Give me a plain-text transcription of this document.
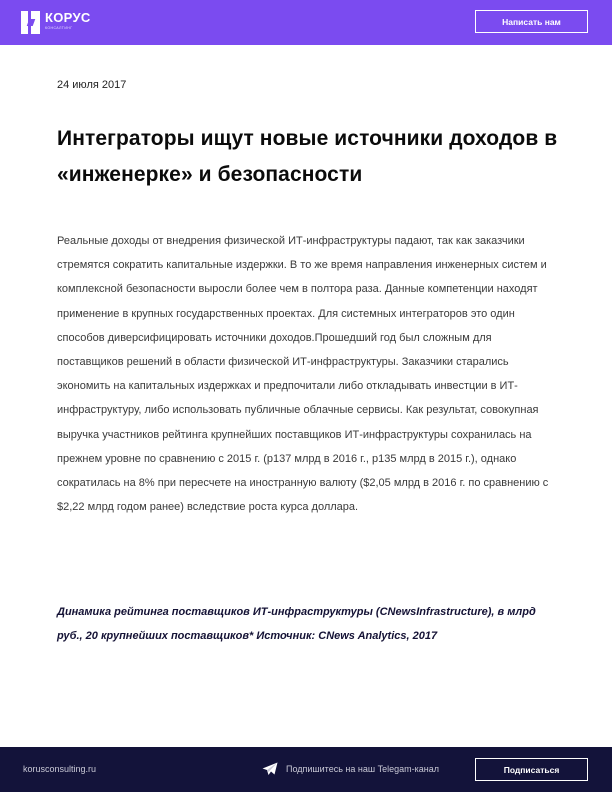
КОРУС
КОНСАЛТИНГ
Написать нам
24 июля 2017
Интеграторы ищут новые источники доходов в «инженерке» и безопасности

Реальные доходы от внедрения физической ИТ-инфраструктуры падают, так как заказчики стремятся сократить капитальные издержки. В то же время направления инженерных систем и комплексной безопасности выросли более чем в полтора раза. Данные компетенции находят применение в крупных государственных проектах. Для системных интеграторов это один способов диверсифицировать источники доходов.Прошедший год был сложным для поставщиков решений в области физической ИТ-инфраструктуры. Заказчики старались экономить на капитальных издержках и предпочитали либо откладывать инвестции в ИТ-инфраструктуру, либо использовать публичные облачные сервисы. Как результат, совокупная выручка участников рейтинга крупнейших поставщиков ИТ-инфраструктуры сохранилась на прежнем уровне по сравнению с 2015 г. (р137 млрд в 2016 г., р135 млрд в 2015 г.), однако сократилась на 8% при пересчете на иностранную валюту ($2,05 млрд в 2016 г. по сравнению с $2,22 млрд годом ранее) вследствие роста курса доллара.

Динамика рейтинга поставщиков ИТ-инфраструктуры (CNewsInfrastructure), в млрд руб., 20 крупнейших поставщиков* Источник: CNews Analytics, 2017

korusconsulting.ru	Подпишитесь на наш Telegam-канал	Подписаться
